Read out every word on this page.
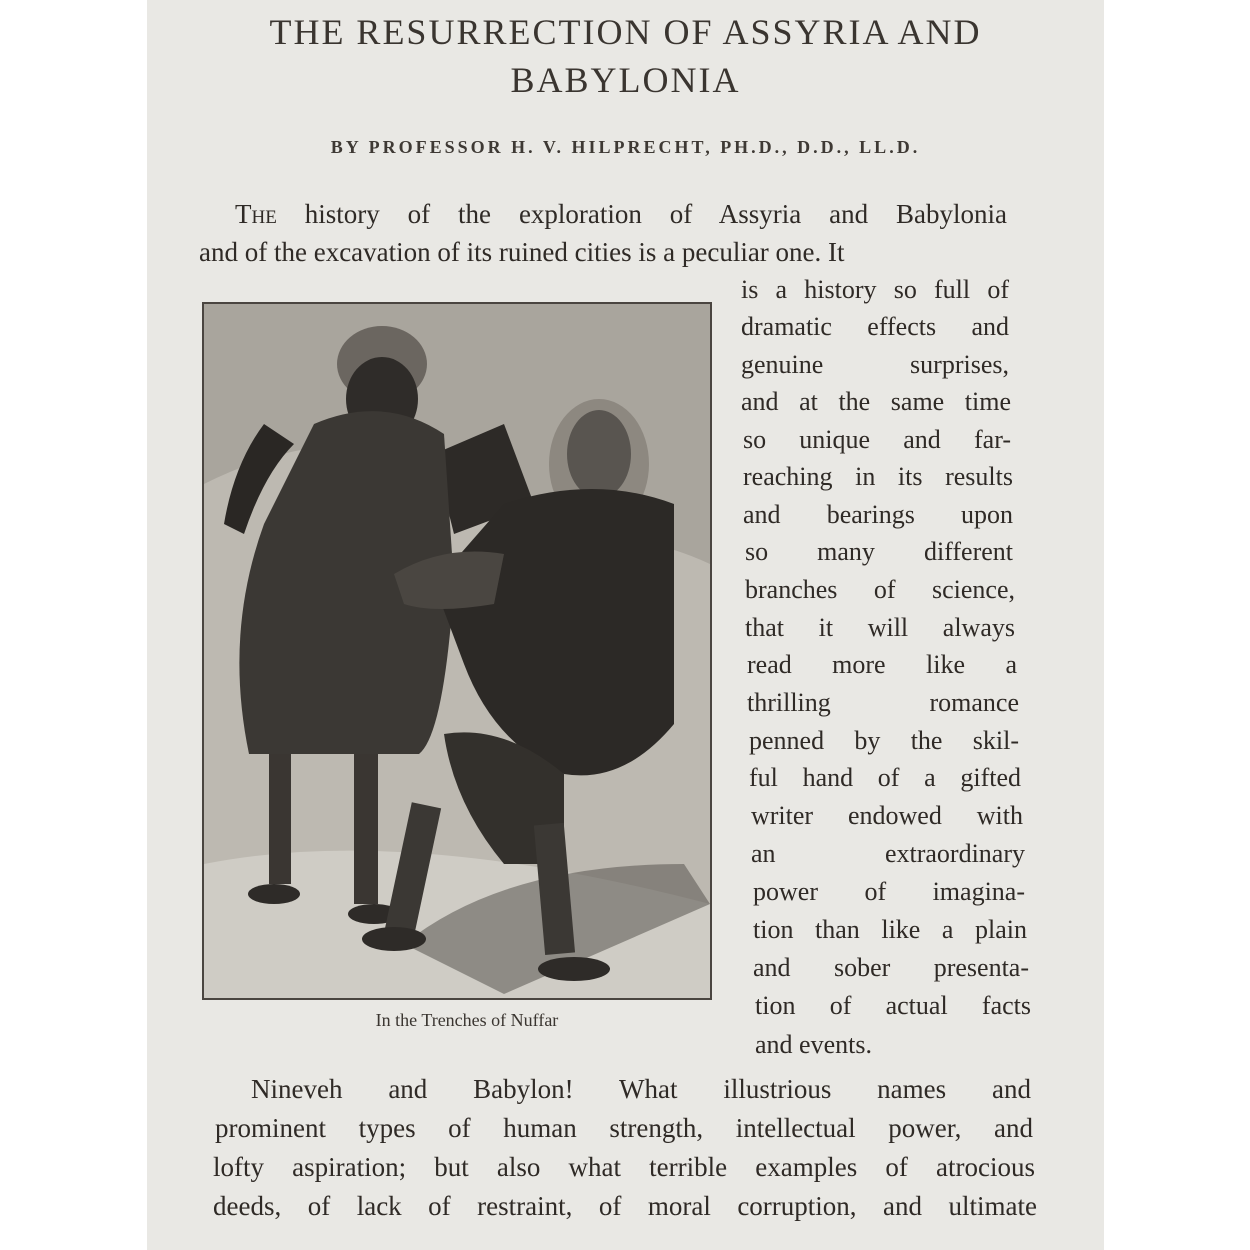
THE RESURRECTION OF ASSYRIA AND
BABYLONIA
BY PROFESSOR H. V. HILPRECHT, PH.D., D.D., LL.D.
The history of the exploration of Assyria and Babylonia
and of the excavation of its ruined cities is a peculiar one. It
In the Trenches of Nuffar
is a history so full of
dramatic effects and
genuine surprises,
and at the same time
so unique and far-
reaching in its results
and bearings upon
so many different
branches of science,
that it will always
read more like a
thrilling romance
penned by the skil-
ful hand of a gifted
writer endowed with
an extraordinary
power of imagina-
tion than like a plain
and sober presenta-
tion of actual facts
and events.
Nineveh and Babylon! What illustrious names and
prominent types of human strength, intellectual power, and
lofty aspiration; but also what terrible examples of atrocious
deeds, of lack of restraint, of moral corruption, and ultimate
